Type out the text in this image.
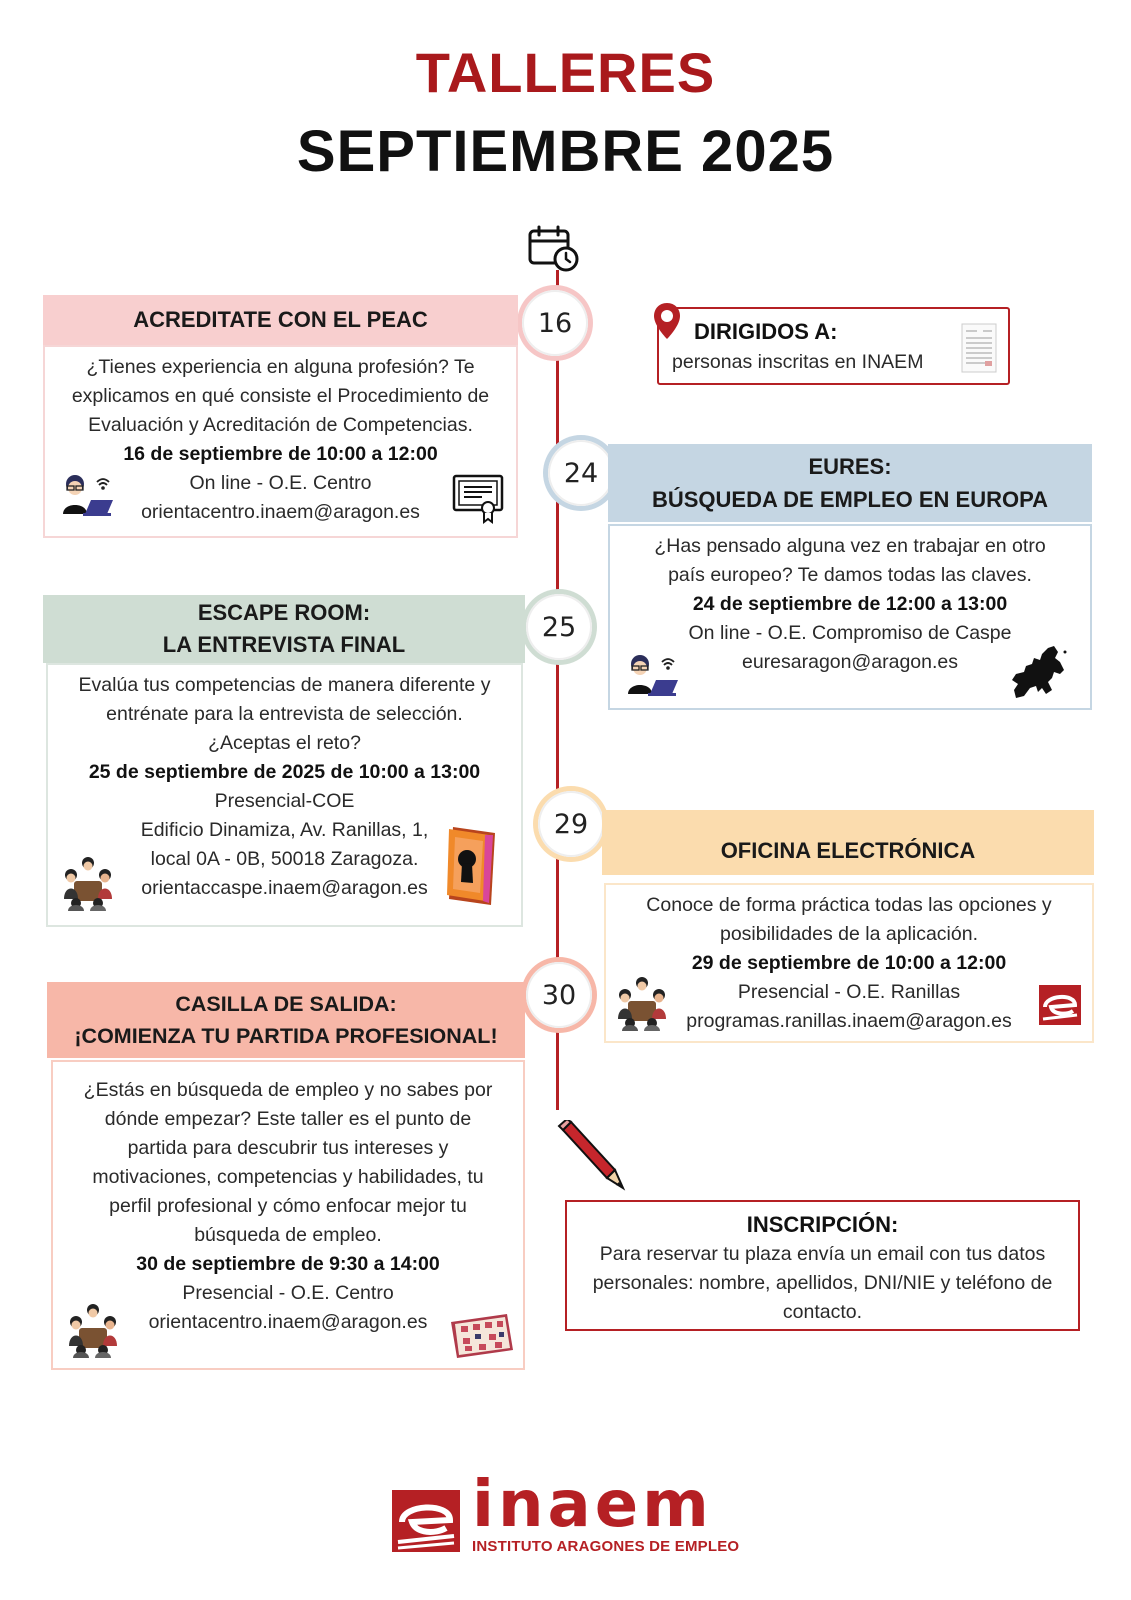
TALLERES
SEPTIEMBRE 2025
16
24
25
29
30
DIRIGIDOS A:
personas inscritas en INAEM
ACREDITATE CON EL PEAC
¿Tienes experiencia en alguna profesión? Te
explicamos en qué consiste el Procedimiento de
Evaluación y Acreditación de Competencias.
16 de septiembre de 10:00 a 12:00
On line - O.E. Centro
orientacentro.inaem@aragon.es
EURES:
BÚSQUEDA DE EMPLEO EN EUROPA
¿Has pensado alguna vez en trabajar en otro
país europeo? Te damos todas las claves.
24 de septiembre de 12:00 a 13:00
On line - O.E. Compromiso de Caspe
euresaragon@aragon.es
ESCAPE ROOM:
LA ENTREVISTA FINAL
Evalúa tus competencias de manera diferente y
entrénate para la entrevista de selección.
¿Aceptas el reto?
25 de septiembre de 2025 de 10:00 a 13:00
Presencial-COE
Edificio Dinamiza, Av. Ranillas, 1,
local 0A - 0B, 50018 Zaragoza.
orientaccaspe.inaem@aragon.es
OFICINA ELECTRÓNICA
Conoce de forma práctica todas las opciones y
posibilidades de la aplicación.
29 de septiembre de 10:00 a 12:00
Presencial - O.E. Ranillas
programas.ranillas.inaem@aragon.es
CASILLA DE SALIDA:
¡COMIENZA TU PARTIDA PROFESIONAL!
¿Estás en búsqueda de empleo y no sabes por
dónde empezar? Este taller es el punto de
partida para descubrir tus intereses y
motivaciones, competencias y habilidades, tu
perfil profesional y cómo enfocar mejor tu
búsqueda de empleo.
30 de septiembre de 9:30 a 14:00
Presencial - O.E. Centro
orientacentro.inaem@aragon.es
INSCRIPCIÓN:
Para reservar tu plaza envía un email con tus datos
personales: nombre, apellidos, DNI/NIE y teléfono de
contacto.
inaem
INSTITUTO ARAGONES DE EMPLEO
